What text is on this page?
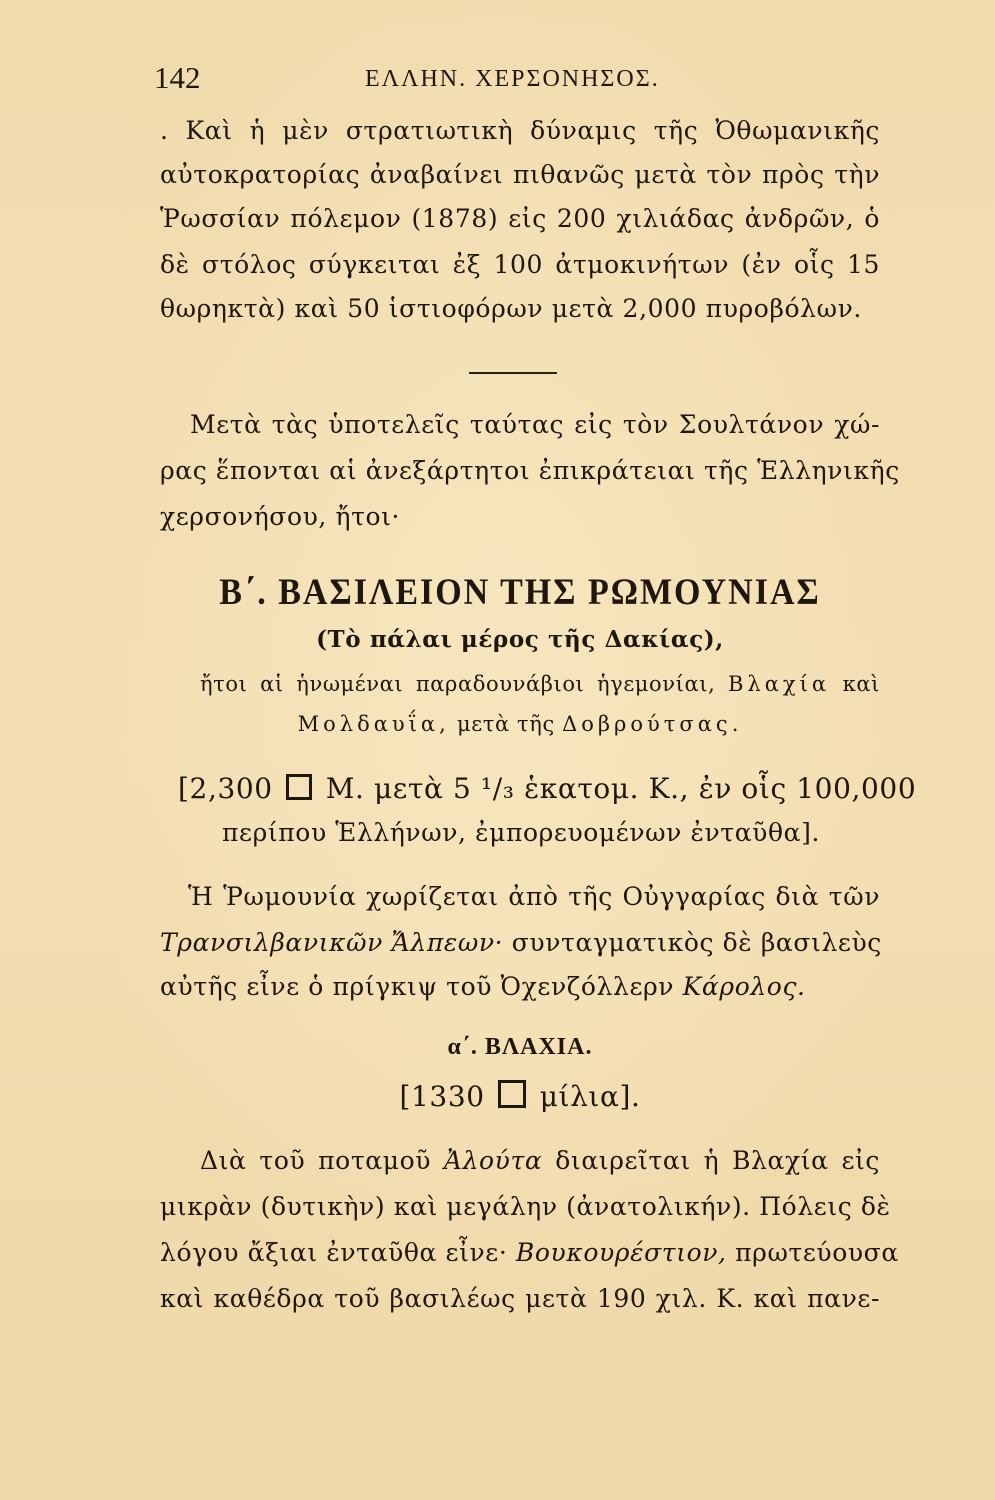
142	ΕΛΛΗΝ. ΧΕΡΣΟΝΗΣΟΣ.
. Καὶ ἡ μὲν στρατιωτικὴ δύναμις τῆς Ὀθωμανικῆς
αὐτοκρατορίας ἀναβαίνει πιθανῶς μετὰ τὸν πρὸς τὴν
Ῥωσσίαν πόλεμον (1878) εἰς 200 χιλιάδας ἀνδρῶν, ὁ
δὲ στόλος σύγκειται ἐξ 100 ἀτμοκινήτων (ἐν οἷς 15
θωρηκτὰ) καὶ 50 ἱστιοφόρων μετὰ 2,000 πυροβόλων.
Μετὰ τὰς ὑποτελεῖς ταύτας εἰς τὸν Σουλτάνον χώ-
ρας ἕπονται αἱ ἀνεξάρτητοι ἐπικράτειαι τῆς Ἑλληνικῆς
χερσονήσου, ἤτοι·
Β΄. ΒΑΣΙΛΕΙΟΝ ΤΗΣ ΡΩΜΟΥΝΙΑΣ
(Τὸ πάλαι μέρος τῆς Δακίας),
ἤτοι αἱ ἡνωμέναι παραδουνάβιοι ἡγεμονίαι, Βλαχία καὶ
Μολδαυΐα, μετὰ τῆς Δοβρούτσας.
[2,300 M. μετὰ 5 ¹/₃ ἑκατομ. K., ἐν οἷς 100,000
περίπου Ἑλλήνων, ἐμπορευομένων ἐνταῦθα].
Ἡ Ῥωμουνία χωρίζεται ἀπὸ τῆς Οὐγγαρίας διὰ τῶν
Τρανσιλβανικῶν Ἄλπεων· συνταγματικὸς δὲ βασιλεὺς
αὐτῆς εἶνε ὁ πρίγκιψ τοῦ Ὀχενζόλλερν Κάρολος.
α΄. ΒΛΑΧΙΑ.
[1330 μίλια].
Διὰ τοῦ ποταμοῦ Ἀλούτα διαιρεῖται ἡ Βλαχία εἰς
μικρὰν (δυτικὴν) καὶ μεγάλην (ἀνατολικήν). Πόλεις δὲ
λόγου ἄξιαι ἐνταῦθα εἶνε· Βουκουρέστιον, πρωτεύουσα
καὶ καθέδρα τοῦ βασιλέως μετὰ 190 χιλ. K. καὶ πανε-
